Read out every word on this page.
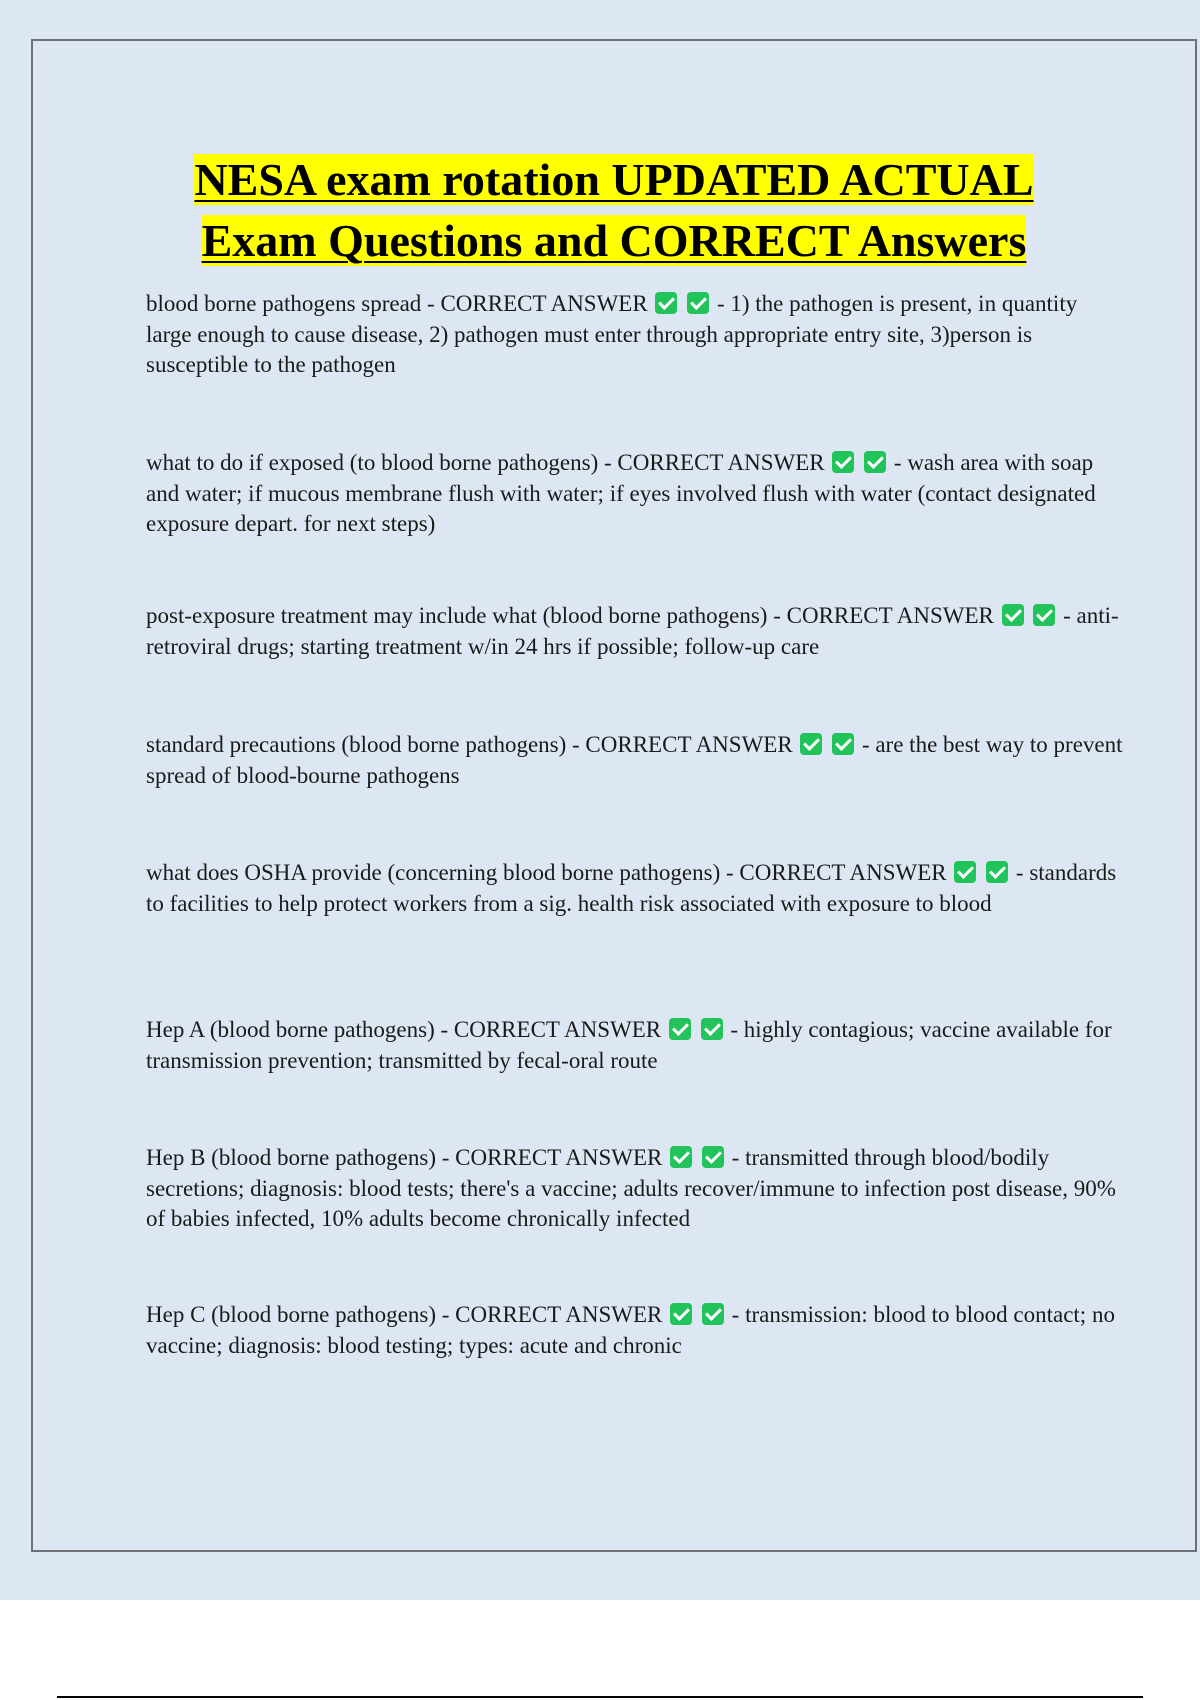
NESA exam rotation UPDATED ACTUAL
Exam Questions and CORRECT Answers

blood borne pathogens spread - CORRECT ANSWER	- 1) the pathogen is present, in quantity large enough to cause disease, 2) pathogen must enter through appropriate entry site, 3)person is susceptible to the pathogen

what to do if exposed (to blood borne pathogens) - CORRECT ANSWER	- wash area with soap and water; if mucous membrane flush with water; if eyes involved flush with water (contact designated exposure depart. for next steps)

post-exposure treatment may include what (blood borne pathogens) - CORRECT ANSWER	- anti-retroviral drugs; starting treatment w/in 24 hrs if possible; follow-up care

standard precautions (blood borne pathogens) - CORRECT ANSWER	- are the best way to prevent spread of blood-bourne pathogens

what does OSHA provide (concerning blood borne pathogens) - CORRECT ANSWER	- standards to facilities to help protect workers from a sig. health risk associated with exposure to blood

Hep A (blood borne pathogens) - CORRECT ANSWER	- highly contagious; vaccine available for transmission prevention; transmitted by fecal-oral route

Hep B (blood borne pathogens) - CORRECT ANSWER	- transmitted through blood/bodily secretions; diagnosis: blood tests; there's a vaccine; adults recover/immune to infection post disease, 90% of babies infected, 10% adults become chronically infected

Hep C (blood borne pathogens) - CORRECT ANSWER	- transmission: blood to blood contact; no vaccine; diagnosis: blood testing; types: acute and chronic
